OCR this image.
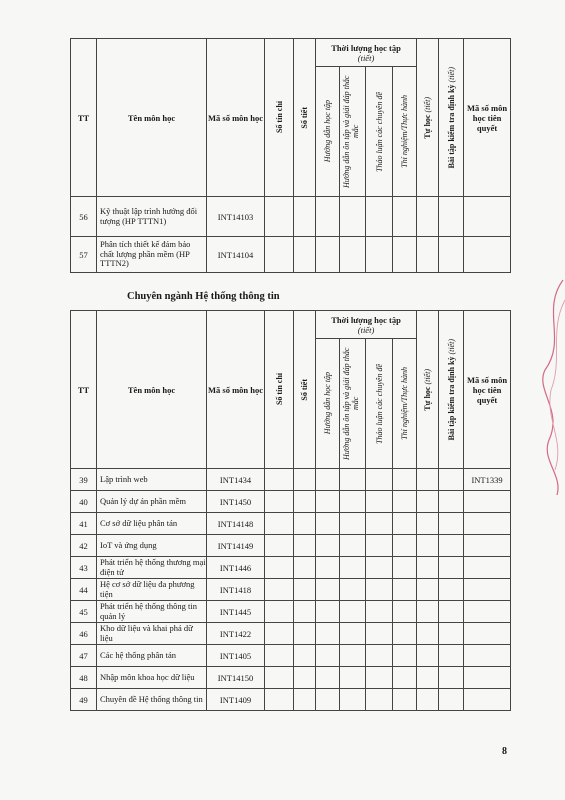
TT	Tên môn học	Mã số môn học	Số tín chỉ	Số tiết	Thời lượng học tập
(tiết)				Tự học (tiết)	Bài tập kiểm tra định kỳ (tiết)	Mã số môn học tiên quyết

					Hướng dẫn học tập	Hướng dẫn ôn tập và giải đáp thắc mắc	Thảo luận các chuyên đề	Thí nghiệm/Thực hành			

56	Kỹ thuật lập trình hướng đối tượng (HP TTTN1)	INT14103									
57	Phân tích thiết kế đảm bảo chất lượng phần mềm (HP TTTN2)	INT14104									
Chuyên ngành Hệ thống thông tin
TT	Tên môn học	Mã số môn học	Số tín chỉ	Số tiết	Thời lượng học tập
(tiết)				Tự học (tiết)	Bài tập kiểm tra định kỳ (tiết)	Mã số môn học tiên quyết

					Hướng dẫn học tập	Hướng dẫn ôn tập và giải đáp thắc mắc	Thảo luận các chuyên đề	Thí nghiệm/Thực hành			

39	Lập trình web	INT1434									INT1339
40	Quản lý dự án phần mềm	INT1450									
41	Cơ sở dữ liệu phân tán	INT14148									
42	IoT và ứng dụng	INT14149									
43	Phát triển hệ thống thương mại điện tử	INT1446									
44	Hệ cơ sở dữ liệu đa phương tiện	INT1418									
45	Phát triển hệ thống thông tin quản lý	INT1445									
46	Kho dữ liệu và khai phá dữ liệu	INT1422									
47	Các hệ thống phân tán	INT1405									
48	Nhập môn khoa học dữ liệu	INT14150									
49	Chuyên đề Hệ thống thông tin	INT1409									
8
